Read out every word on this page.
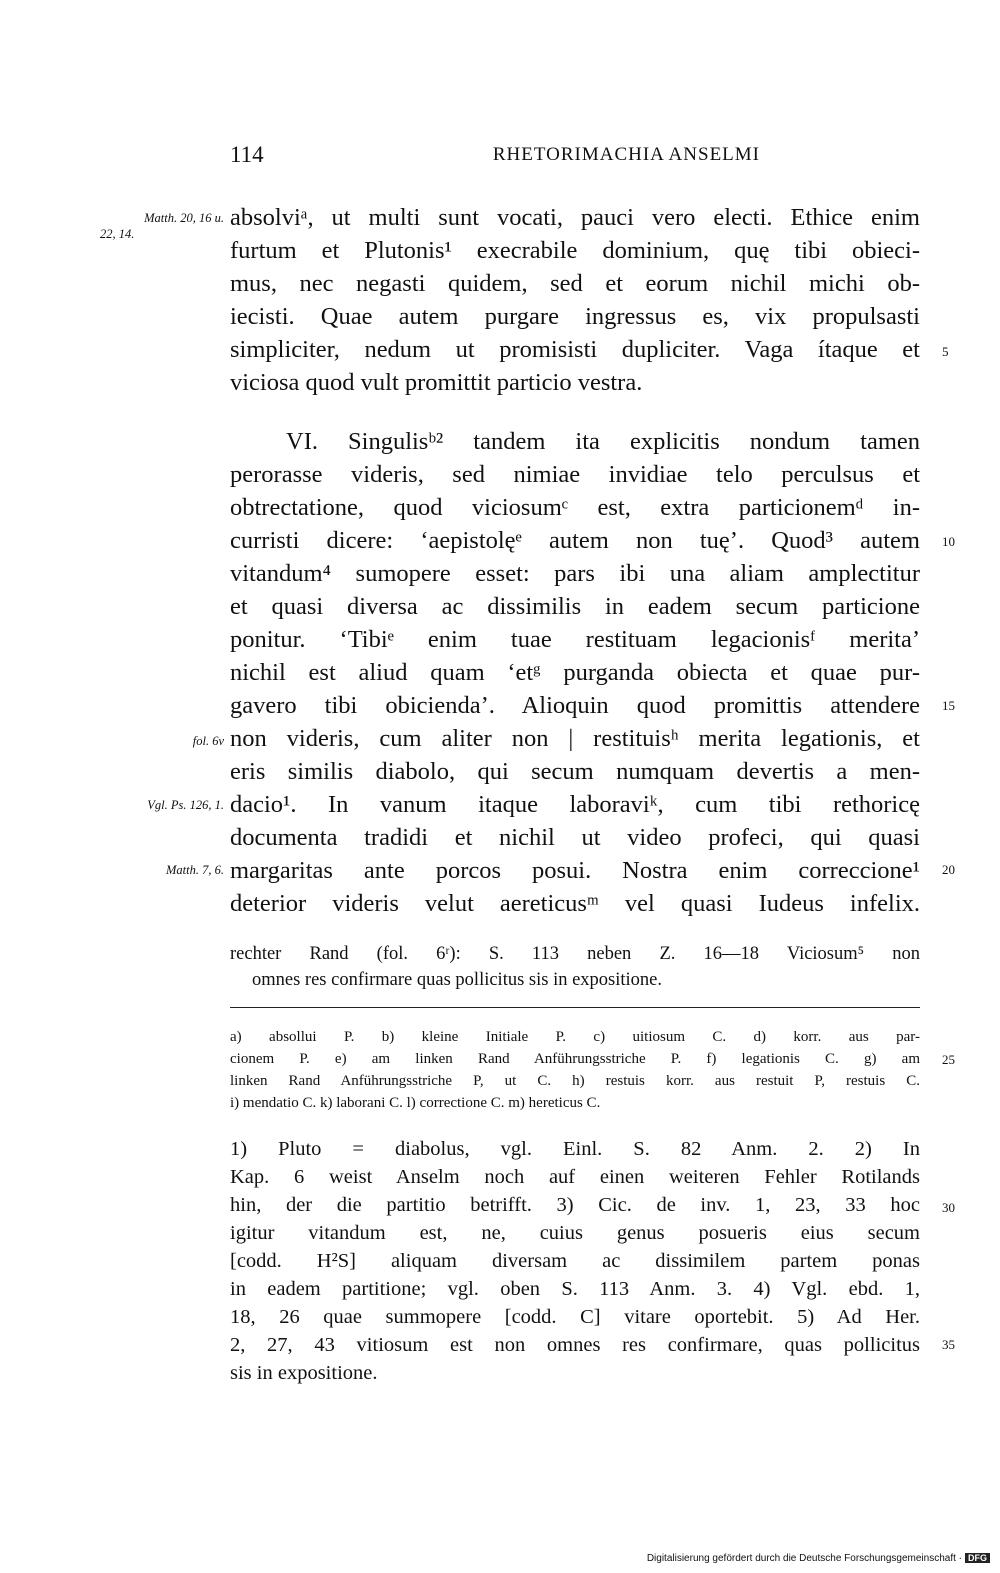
114	RHETORIMACHIA ANSELMI
Matth. 20, 16 u.
22, 14.
fol. 6v
Vgl. Ps. 126, 1.
Matth. 7, 6.
5
10
15
20
25
30
35
absolviᵃ, ut multi sunt vocati, pauci vero electi. Ethice enim
furtum et Plutonis¹ execrabile dominium, quę tibi obieci-
mus, nec negasti quidem, sed et eorum nichil michi ob-
iecisti. Quae autem purgare ingressus es, vix propulsasti
simpliciter, nedum ut promisisti dupliciter. Vaga ítaque et
viciosa quod vult promittit particio vestra.
VI. Singulisᵇ² tandem ita explicitis nondum tamen
perorasse videris, sed nimiae invidiae telo perculsus et
obtrectatione, quod viciosumᶜ est, extra particionemᵈ in-
curristi dicere: ‘aepistolęᵉ autem non tuę’. Quod³ autem
vitandum⁴ sumopere esset: pars ibi una aliam amplectitur
et quasi diversa ac dissimilis in eadem secum particione
ponitur. ‘Tibiᵉ enim tuae restituam legacionisᶠ merita’
nichil est aliud quam ‘etᵍ purganda obiecta et quae pur-
gavero tibi obicienda’. Alioquin quod promittis attendere
non videris, cum aliter non | restituisʰ merita legationis, et
eris similis diabolo, qui secum numquam devertis a men-
dacio¹. In vanum itaque laboraviᵏ, cum tibi rethoricę
documenta tradidi et nichil ut video profeci, qui quasi
margaritas ante porcos posui. Nostra enim correccione¹
deterior videris velut aereticusᵐ vel quasi Iudeus infelix.
rechter Rand (fol. 6ʳ): S. 113 neben Z. 16—18 Viciosum⁵ non
omnes res confirmare quas pollicitus sis in expositione.
a) absollui P. b) kleine Initiale P. c) uitiosum C. d) korr. aus par-
cionem P. e) am linken Rand Anführungsstriche P. f) legationis C. g) am
linken Rand Anführungsstriche P, ut C. h) restuis korr. aus restuit P, restuis C.
i) mendatio C. k) laborani C. l) correctione C. m) hereticus C.
1) Pluto = diabolus, vgl. Einl. S. 82 Anm. 2. 2) In
Kap. 6 weist Anselm noch auf einen weiteren Fehler Rotilands
hin, der die partitio betrifft. 3) Cic. de inv. 1, 23, 33 hoc
igitur vitandum est, ne, cuius genus posueris eius secum
[codd. H²S] aliquam diversam ac dissimilem partem ponas
in eadem partitione; vgl. oben S. 113 Anm. 3. 4) Vgl. ebd. 1,
18, 26 quae summopere [codd. C] vitare oportebit. 5) Ad Her.
2, 27, 43 vitiosum est non omnes res confirmare, quas pollicitus
sis in expositione.
Digitalisierung gefördert durch die Deutsche Forschungsgemeinschaft · DFG
